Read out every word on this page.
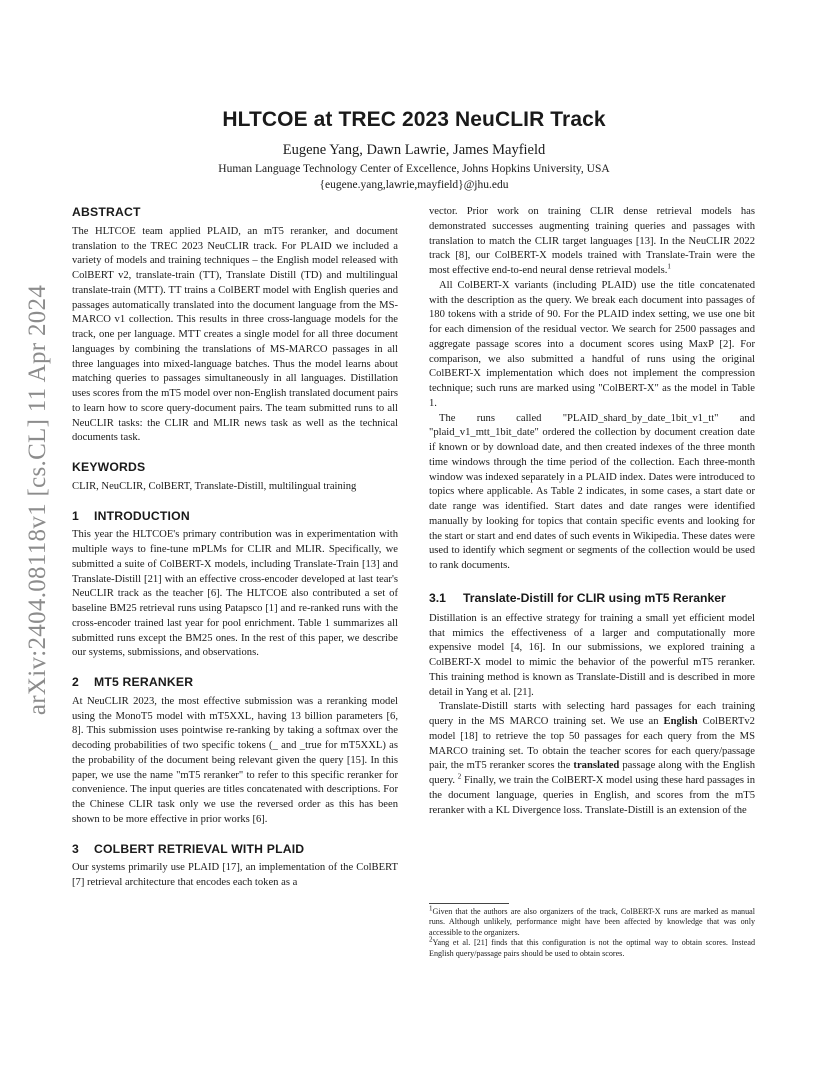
arXiv:2404.08118v1 [cs.CL] 11 Apr 2024
HLTCOE at TREC 2023 NeuCLIR Track

Eugene Yang, Dawn Lawrie, James Mayfield

Human Language Technology Center of Excellence, Johns Hopkins University, USA

{eugene.yang,lawrie,mayfield}@jhu.edu

ABSTRACT

The HLTCOE team applied PLAID, an mT5 reranker, and document translation to the TREC 2023 NeuCLIR track. For PLAID we included a variety of models and training techniques – the English model released with ColBERT v2, translate-train (TT), Translate Distill (TD) and multilingual translate-train (MTT). TT trains a ColBERT model with English queries and passages automatically translated into the document language from the MS-MARCO v1 collection. This results in three cross-language models for the track, one per language. MTT creates a single model for all three document languages by combining the translations of MS-MARCO passages in all three languages into mixed-language batches. Thus the model learns about matching queries to passages simultaneously in all languages. Distillation uses scores from the mT5 model over non-English translated document pairs to learn how to score query-document pairs. The team submitted runs to all NeuCLIR tasks: the CLIR and MLIR news task as well as the technical documents task.

KEYWORDS

CLIR, NeuCLIR, ColBERT, Translate-Distill, multilingual training

1 INTRODUCTION

This year the HLTCOE's primary contribution was in experimentation with multiple ways to fine-tune mPLMs for CLIR and MLIR. Specifically, we submitted a suite of ColBERT-X models, including Translate-Train [13] and Translate-Distill [21] with an effective cross-encoder developed at last tear's NeuCLIR track as the teacher [6]. The HLTCOE also contributed a set of baseline BM25 retrieval runs using Patapsco [1] and re-ranked runs with the cross-encoder trained last year for pool enrichment. Table 1 summarizes all submitted runs except the BM25 ones. In the rest of this paper, we describe our systems, submissions, and observations.

2 MT5 RERANKER

At NeuCLIR 2023, the most effective submission was a reranking model using the MonoT5 model with mT5XXL, having 13 billion parameters [6, 8]. This submission uses pointwise re-ranking by taking a softmax over the decoding probabilities of two specific tokens (_ and _true for mT5XXL) as the probability of the document being relevant given the query [15]. In this paper, we use the name "mT5 reranker" to refer to this specific reranker for convenience. The input queries are titles concatenated with descriptions. For the Chinese CLIR task only we use the reversed order as this has been shown to be more effective in prior works [6].

3 COLBERT RETRIEVAL WITH PLAID

Our systems primarily use PLAID [17], an implementation of the ColBERT [7] retrieval architecture that encodes each token as a

vector. Prior work on training CLIR dense retrieval models has demonstrated successes augmenting training queries and passages with translation to match the CLIR target languages [13]. In the NeuCLIR 2022 track [8], our ColBERT-X models trained with Translate-Train were the most effective end-to-end neural dense retrieval models.$^1$

All ColBERT-X variants (including PLAID) use the title concatenated with the description as the query. We break each document into passages of 180 tokens with a stride of 90. For the PLAID index setting, we use one bit for each dimension of the residual vector. We search for 2500 passages and aggregate passage scores into a document scores using MaxP [2]. For comparison, we also submitted a handful of runs using the original ColBERT-X implementation which does not implement the compression technique; such runs are marked using "ColBERT-X" as the model in Table 1.

The runs called "PLAID_shard_by_date_1bit_v1_tt" and "plaid_v1_mtt_1bit_date" ordered the collection by document creation date if known or by download date, and then created indexes of the three month time windows through the time period of the collection. Each three-month window was indexed separately in a PLAID index. Dates were introduced to topics where applicable. As Table 2 indicates, in some cases, a start date or date range was identified. Start dates and date ranges were identified manually by looking for topics that contain specific events and looking for the start or start and end dates of such events in Wikipedia. These dates were used to identify which segment or segments of the collection would be used to rank documents.

3.1	Translate-Distill for CLIR using mT5 Reranker

Distillation is an effective strategy for training a small yet efficient model that mimics the effectiveness of a larger and computationally more expensive model [4, 16]. In our submissions, we explored training a ColBERT-X model to mimic the behavior of the powerful mT5 reranker. This training method is known as Translate-Distill and is described in more detail in Yang et al. [21].

Translate-Distill starts with selecting hard passages for each training query in the MS MARCO training set. We use an English ColBERTv2 model [18] to retrieve the top 50 passages for each query from the MS MARCO training set. To obtain the teacher scores for each query/passage pair, the mT5 reranker scores the translated passage along with the English query. $^2$ Finally, we train the ColBERT-X model using these hard passages in the document language, queries in English, and scores from the mT5 reranker with a KL Divergence loss. Translate-Distill is an extension of the

$^1$Given that the authors are also organizers of the track, ColBERT-X runs are marked as manual runs. Although unlikely, performance might have been affected by knowledge that was only accessible to the organizers.

$^2$Yang et al. [21] finds that this configuration is not the optimal way to obtain scores. Instead English query/passage pairs should be used to obtain scores.
